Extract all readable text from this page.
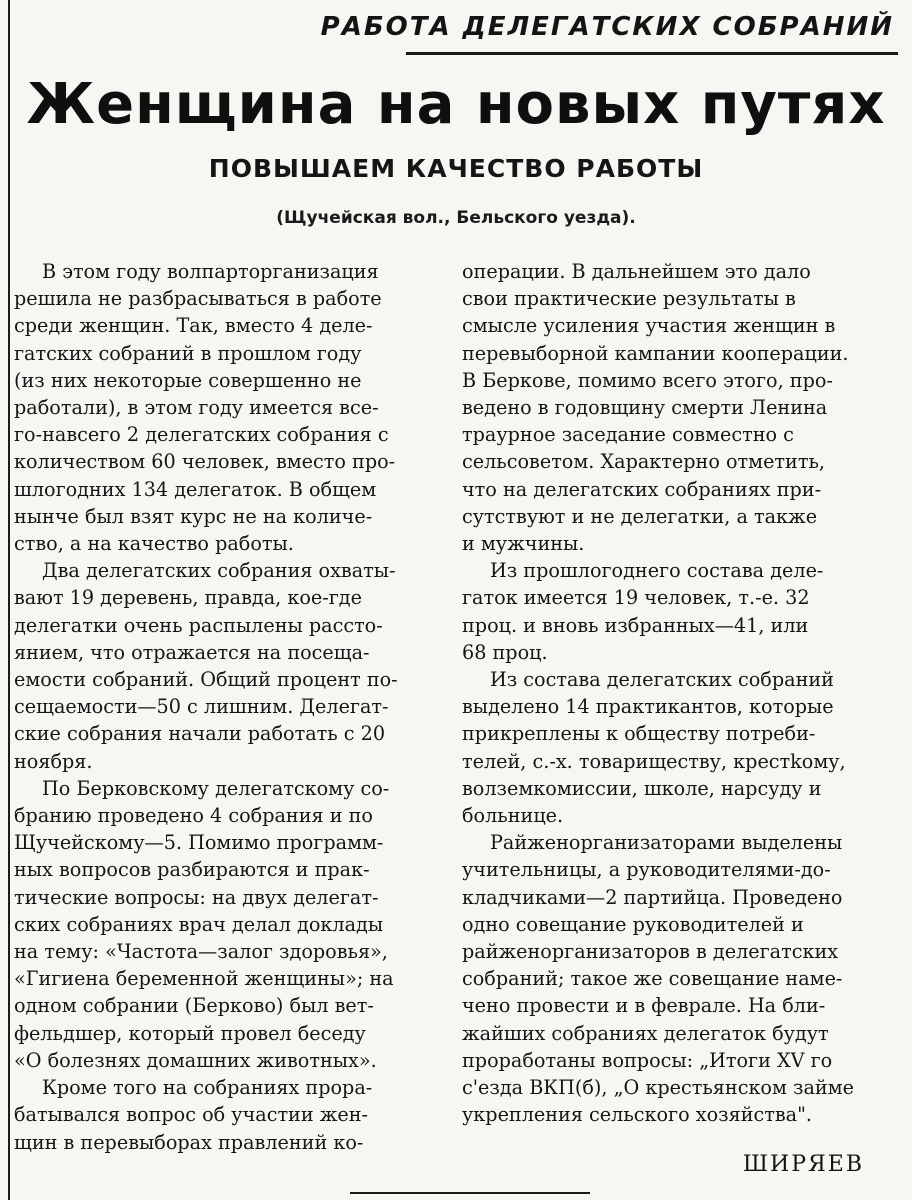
РАБОТА ДЕЛЕГАТСКИХ СОБРАНИЙ
Женщина на новых путях
ПОВЫШАЕМ КАЧЕСТВО РАБОТЫ
(Щучейская вол., Бельского уезда).
В этом году волпарторганизация
решила не разбрасываться в работе
среди женщин. Так, вместо 4 деле-
гатских собраний в прошлом году
(из них некоторые совершенно не
работали), в этом году имеется все-
го-навсего 2 делегатских собрания с
количеством 60 человек, вместо про-
шлогодних 134 делегаток. В общем
нынче был взят курс не на количе-
ство, а на качество работы.
Два делегатских собрания охваты-
вают 19 деревень, правда, кое-где
делегатки очень распылены рассто-
янием, что отражается на посеща-
емости собраний. Общий процент по-
сещаемости—50 с лишним. Делегат-
ские собрания начали работать с 20
ноября.
По Берковскому делегатскому со-
бранию проведено 4 собрания и по
Щучейскому—5. Помимо программ-
ных вопросов разбираются и прак-
тические вопросы: на двух делегат-
ских собраниях врач делал доклады
на тему: «Частота—залог здоровья»,
«Гигиена беременной женщины»; на
одном собрании (Берково) был вет-
фельдшер, который провел беседу
«О болезнях домашних животных».
Кроме того на собраниях прора-
батывался вопрос об участии жен-
щин в перевыборах правлений ко-
операции. В дальнейшем это дало
свои практические результаты в
смысле усиления участия женщин в
перевыборной кампании кооперации.
В Беркове, помимо всего этого, про-
ведено в годовщину смерти Ленина
траурное заседание совместно с
сельсоветом. Характерно отметить,
что на делегатских собраниях при-
сутствуют и не делегатки, а также
и мужчины.
Из прошлогоднего состава деле-
гаток имеется 19 человек, т.-е. 32
проц. и вновь избранных—41, или
68 проц.
Из состава делегатских собраний
выделено 14 практикантов, которые
прикреплены к обществу потреби-
телей, с.-х. товариществу, крестkому,
волземкомиссии, школе, нарсуду и
больнице.
Райженорганизаторами выделены
учительницы, а руководителями-до-
кладчиками—2 партийца. Проведено
одно совещание руководителей и
райженорганизаторов в делегатских
собраний; такое же совещание наме-
чено провести и в феврале. На бли-
жайших собраниях делегаток будут
проработаны вопросы: „Итоги XV го
с'езда ВКП(б), „О крестьянском займе
укрепления сельского хозяйства".
ШИРЯЕВ
